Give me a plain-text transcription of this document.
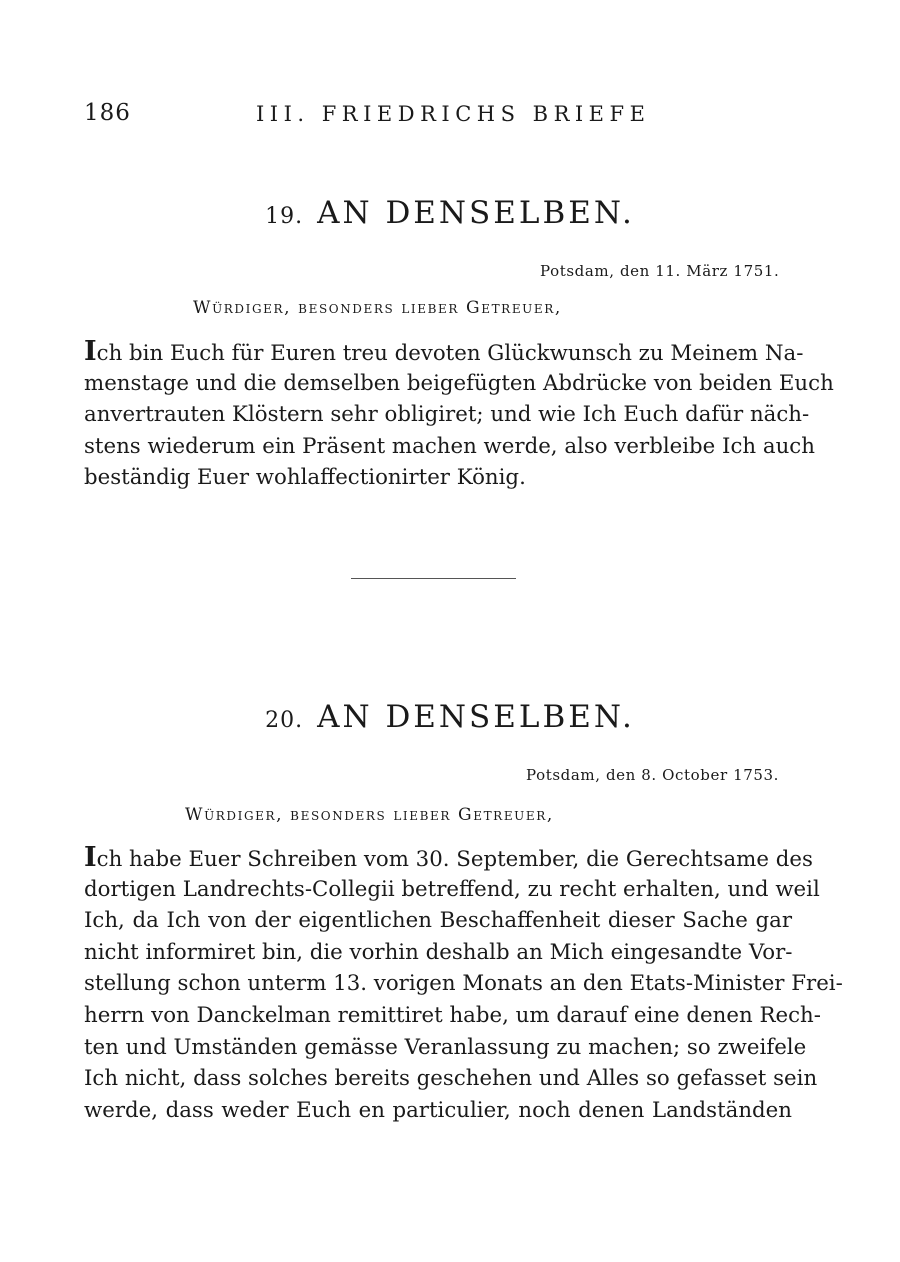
186	III. FRIEDRICHS BRIEFE
19. AN DENSELBEN.
Potsdam, den 11. März 1751.
Würdiger, besonders lieber Getreuer,
Ich bin Euch für Euren treu devoten Glückwunsch zu Meinem Na-
menstage und die demselben beigefügten Abdrücke von beiden Euch
anvertrauten Klöstern sehr obligiret; und wie Ich Euch dafür näch-
stens wiederum ein Präsent machen werde, also verbleibe Ich auch
beständig Euer wohlaffectionirter König.
20. AN DENSELBEN.
Potsdam, den 8. October 1753.
Würdiger, besonders lieber Getreuer,
Ich habe Euer Schreiben vom 30. September, die Gerechtsame des
dortigen Landrechts-Collegii betreffend, zu recht erhalten, und weil
Ich, da Ich von der eigentlichen Beschaffenheit dieser Sache gar
nicht informiret bin, die vorhin deshalb an Mich eingesandte Vor-
stellung schon unterm 13. vorigen Monats an den Etats-Minister Frei-
herrn von Danckelman remittiret habe, um darauf eine denen Rech-
ten und Umständen gemässe Veranlassung zu machen; so zweifele
Ich nicht, dass solches bereits geschehen und Alles so gefasset sein
werde, dass weder Euch en particulier, noch denen Landständen
